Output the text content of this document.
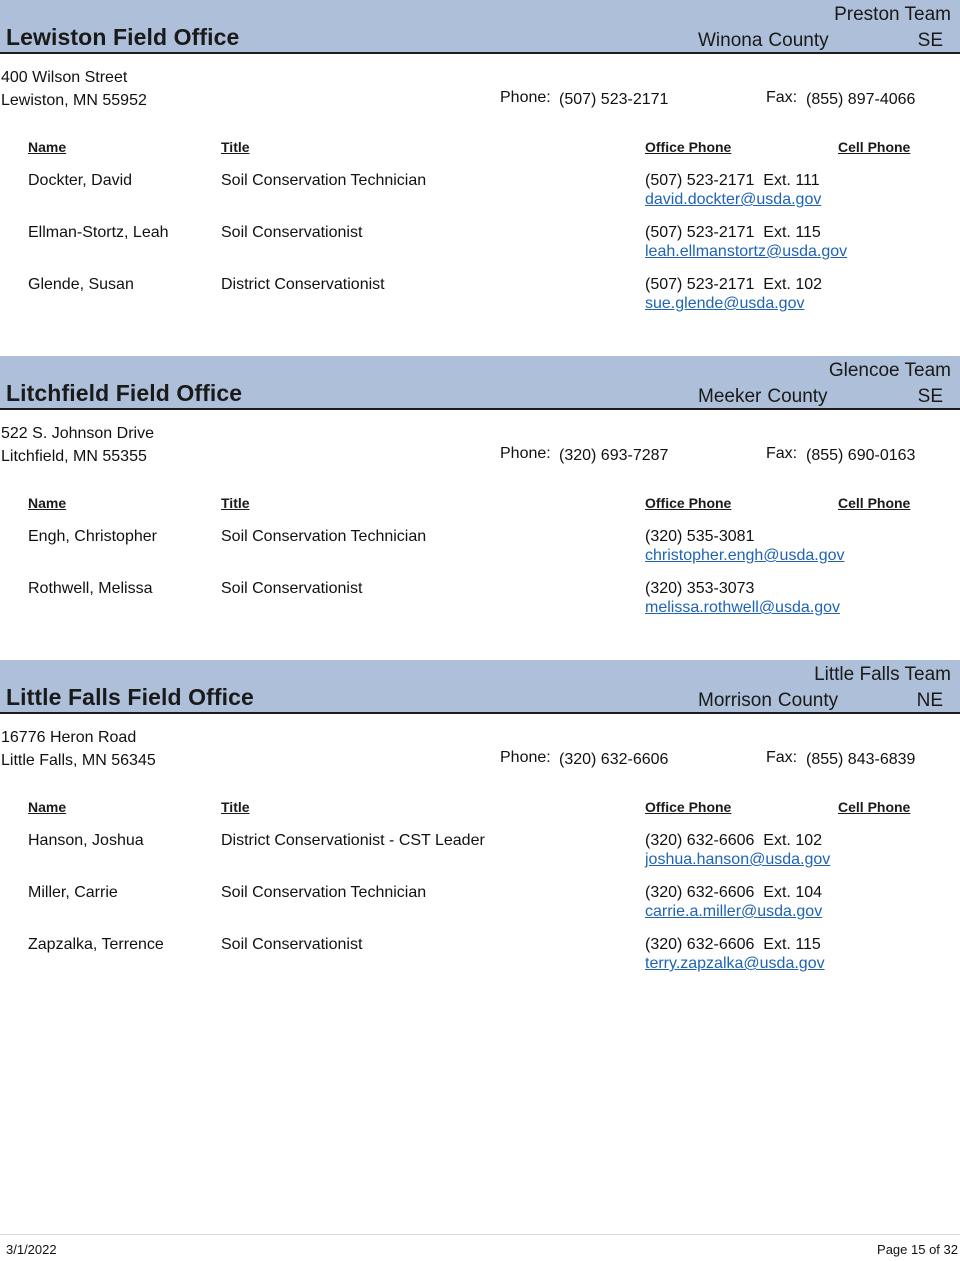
Lewiston Field Office
Preston Team
Winona County	SE
400 Wilson Street
Lewiston, MN 55952	Phone: (507) 523-2171	Fax: (855) 897-4066
Name	Title	Office Phone	Cell Phone
Dockter, David	Soil Conservation Technician	(507) 523-2171  Ext. 111
david.dockter@usda.gov
Ellman-Stortz, Leah	Soil Conservationist	(507) 523-2171  Ext. 115
leah.ellmanstortz@usda.gov
Glende, Susan	District Conservationist	(507) 523-2171  Ext. 102
sue.glende@usda.gov
Litchfield Field Office
Glencoe Team
Meeker County	SE
522 S. Johnson Drive
Litchfield, MN 55355	Phone: (320) 693-7287	Fax: (855) 690-0163
Name	Title	Office Phone	Cell Phone
Engh, Christopher	Soil Conservation Technician	(320) 535-3081
christopher.engh@usda.gov
Rothwell, Melissa	Soil Conservationist	(320) 353-3073
melissa.rothwell@usda.gov
Little Falls Field Office
Little Falls Team
Morrison County	NE
16776 Heron Road
Little Falls, MN 56345	Phone: (320) 632-6606	Fax: (855) 843-6839
Name	Title	Office Phone	Cell Phone
Hanson, Joshua	District Conservationist - CST Leader	(320) 632-6606  Ext. 102
joshua.hanson@usda.gov
Miller, Carrie	Soil Conservation Technician	(320) 632-6606  Ext. 104
carrie.a.miller@usda.gov
Zapzalka, Terrence	Soil Conservationist	(320) 632-6606  Ext. 115
terry.zapzalka@usda.gov
3/1/2022	Page 15 of 32
